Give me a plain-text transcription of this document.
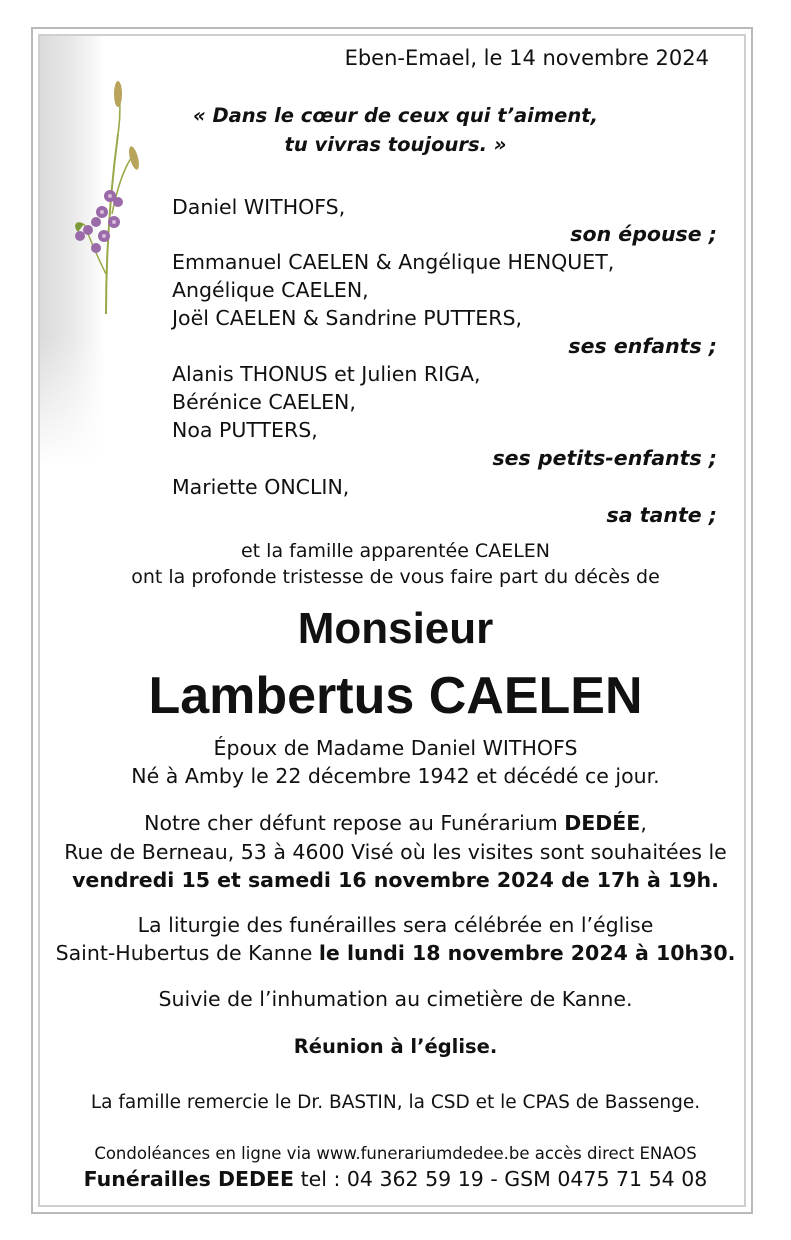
Eben-Emael, le 14 novembre 2024
« Dans le cœur de ceux qui t’aiment,
tu vivras toujours. »
Daniel WITHOFS,
son épouse ;
Emmanuel CAELEN & Angélique HENQUET,
Angélique CAELEN,
Joël CAELEN & Sandrine PUTTERS,
ses enfants ;
Alanis THONUS et Julien RIGA,
Bérénice CAELEN,
Noa PUTTERS,
ses petits-enfants ;
Mariette ONCLIN,
sa tante ;
et la famille apparentée CAELEN
ont la profonde tristesse de vous faire part du décès de
Monsieur
Lambertus CAELEN
Époux de Madame Daniel WITHOFS
Né à Amby le 22 décembre 1942 et décédé ce jour.
Notre cher défunt repose au Funérarium DEDÉE,
Rue de Berneau, 53 à 4600 Visé où les visites sont souhaitées le
vendredi 15 et samedi 16 novembre 2024 de 17h à 19h.
La liturgie des funérailles sera célébrée en l’église
Saint-Hubertus de Kanne le lundi 18 novembre 2024 à 10h30.
Suivie de l’inhumation au cimetière de Kanne.
Réunion à l’église.
La famille remercie le Dr. BASTIN, la CSD et le CPAS de Bassenge.
Condoléances en ligne via www.funerariumdedee.be accès direct ENAOS
Funérailles DEDEE tel : 04 362 59 19 - GSM 0475 71 54 08
